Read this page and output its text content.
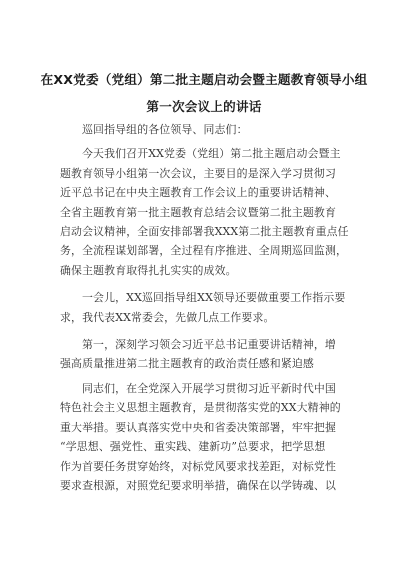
在XX党委（党组）第二批主题启动会暨主题教育领导小组
第一次会议上的讲话
巡回指导组的各位领导、同志们：
今天我们召开XX党委（党组）第二批主题启动会暨主
题教育领导小组第一次会议，主要目的是深入学习贯彻习
近平总书记在中央主题教育工作会议上的重要讲话精神、
全省主题教育第一批主题教育总结会议暨第二批主题教育
启动会议精神，全面安排部署我XXX第二批主题教育重点任
务，全流程谋划部署，全过程有序推进、全周期巡回监测，
确保主题教育取得扎扎实实的成效。
一会儿，XX巡回指导组XX领导还要做重要工作指示要
求，我代表XX常委会，先做几点工作要求。
第一，深刻学习领会习近平总书记重要讲话精神，增
强高质量推进第二批主题教育的政治责任感和紧迫感
同志们，在全党深入开展学习贯彻习近平新时代中国
特色社会主义思想主题教育，是贯彻落实党的XX大精神的
重大举措。要认真落实党中央和省委决策部署，牢牢把握
“学思想、强党性、重实践、建新功”总要求，把学思想
作为首要任务贯穿始终，对标党风要求找差距，对标党性
要求查根源，对照党纪要求明举措，确保在以学铸魂、以
